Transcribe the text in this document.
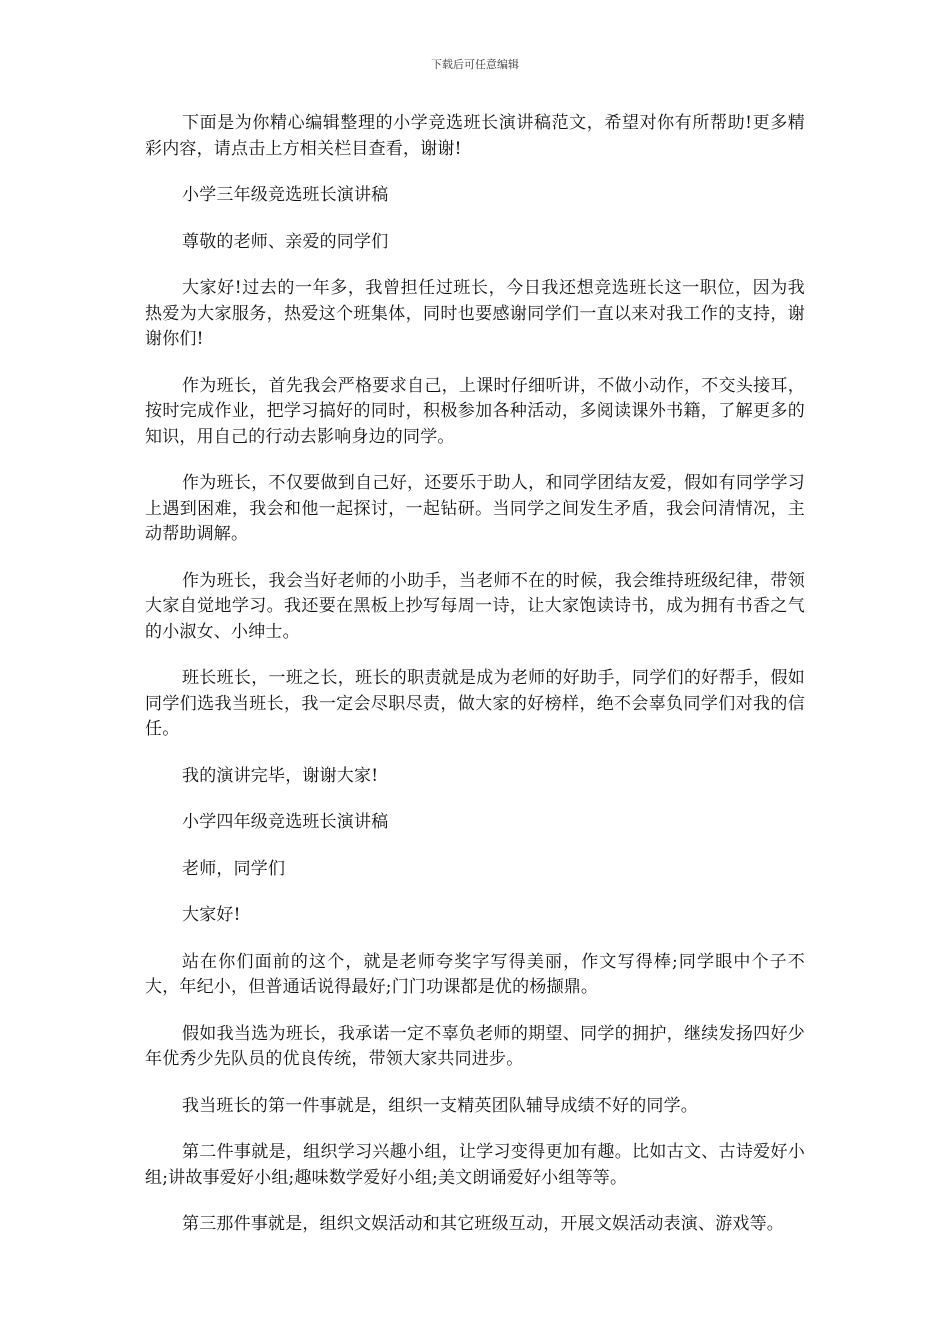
下载后可任意编辑

下面是为你精心编辑整理的小学竞选班长演讲稿范文，希望对你有所帮助!更多精彩内容，请点击上方相关栏目查看，谢谢!

小学三年级竞选班长演讲稿

尊敬的老师、亲爱的同学们

大家好!过去的一年多，我曾担任过班长，今日我还想竞选班长这一职位，因为我热爱为大家服务，热爱这个班集体，同时也要感谢同学们一直以来对我工作的支持，谢谢你们!

作为班长，首先我会严格要求自己，上课时仔细听讲，不做小动作，不交头接耳，按时完成作业，把学习搞好的同时，积极参加各种活动，多阅读课外书籍，了解更多的知识，用自己的行动去影响身边的同学。

作为班长，不仅要做到自己好，还要乐于助人，和同学团结友爱，假如有同学学习上遇到困难，我会和他一起探讨，一起钻研。当同学之间发生矛盾，我会问清情况，主动帮助调解。

作为班长，我会当好老师的小助手，当老师不在的时候，我会维持班级纪律，带领大家自觉地学习。我还要在黑板上抄写每周一诗，让大家饱读诗书，成为拥有书香之气的小淑女、小绅士。

班长班长，一班之长，班长的职责就是成为老师的好助手，同学们的好帮手，假如同学们选我当班长，我一定会尽职尽责，做大家的好榜样，绝不会辜负同学们对我的信任。

我的演讲完毕，谢谢大家!

小学四年级竞选班长演讲稿

老师，同学们

大家好!

站在你们面前的这个，就是老师夸奖字写得美丽，作文写得棒;同学眼中个子不大，年纪小，但普通话说得最好;门门功课都是优的杨撷鼎。

假如我当选为班长，我承诺一定不辜负老师的期望、同学的拥护，继续发扬四好少年优秀少先队员的优良传统，带领大家共同进步。

我当班长的第一件事就是，组织一支精英团队辅导成绩不好的同学。

第二件事就是，组织学习兴趣小组，让学习变得更加有趣。比如古文、古诗爱好小组;讲故事爱好小组;趣味数学爱好小组;美文朗诵爱好小组等等。

第三那件事就是，组织文娱活动和其它班级互动，开展文娱活动表演、游戏等。
